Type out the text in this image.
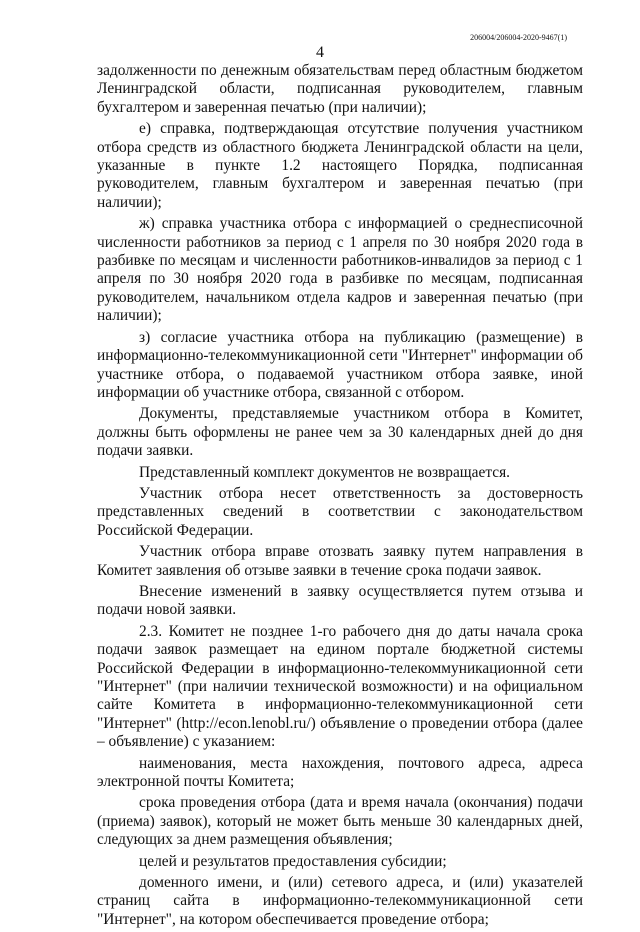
206004/206004-2020-9467(1)
4

задолженности по денежным обязательствам перед областным бюджетом Ленинградской области, подписанная руководителем, главным бухгалтером и заверенная печатью (при наличии);

е) справка, подтверждающая отсутствие получения участником отбора средств из областного бюджета Ленинградской области на цели, указанные в пункте 1.2 настоящего Порядка, подписанная руководителем, главным бухгалтером и заверенная печатью (при наличии);

ж) справка участника отбора с информацией о среднесписочной численности работников за период с 1 апреля по 30 ноября 2020 года в разбивке по месяцам и численности работников-инвалидов за период с 1 апреля по 30 ноября 2020 года в разбивке по месяцам, подписанная руководителем, начальником отдела кадров и заверенная печатью (при наличии);

з) согласие участника отбора на публикацию (размещение) в информационно-телекоммуникационной сети "Интернет" информации об участнике отбора, о подаваемой участником отбора заявке, иной информации об участнике отбора, связанной с отбором.

Документы, представляемые участником отбора в Комитет, должны быть оформлены не ранее чем за 30 календарных дней до дня подачи заявки.

Представленный комплект документов не возвращается.

Участник отбора несет ответственность за достоверность представленных сведений в соответствии с законодательством Российской Федерации.

Участник отбора вправе отозвать заявку путем направления в Комитет заявления об отзыве заявки в течение срока подачи заявок.

Внесение изменений в заявку осуществляется путем отзыва и подачи новой заявки.

2.3. Комитет не позднее 1-го рабочего дня до даты начала срока подачи заявок размещает на едином портале бюджетной системы Российской Федерации в информационно-телекоммуникационной сети "Интернет" (при наличии технической возможности) и на официальном сайте Комитета в информационно-телекоммуникационной сети "Интернет" (http://econ.lenobl.ru/) объявление о проведении отбора (далее – объявление) с указанием:

наименования, места нахождения, почтового адреса, адреса электронной почты Комитета;

срока проведения отбора (дата и время начала (окончания) подачи (приема) заявок), который не может быть меньше 30 календарных дней, следующих за днем размещения объявления;

целей и результатов предоставления субсидии;

доменного имени, и (или) сетевого адреса, и (или) указателей страниц сайта в информационно-телекоммуникационной сети "Интернет", на котором обеспечивается проведение отбора;
